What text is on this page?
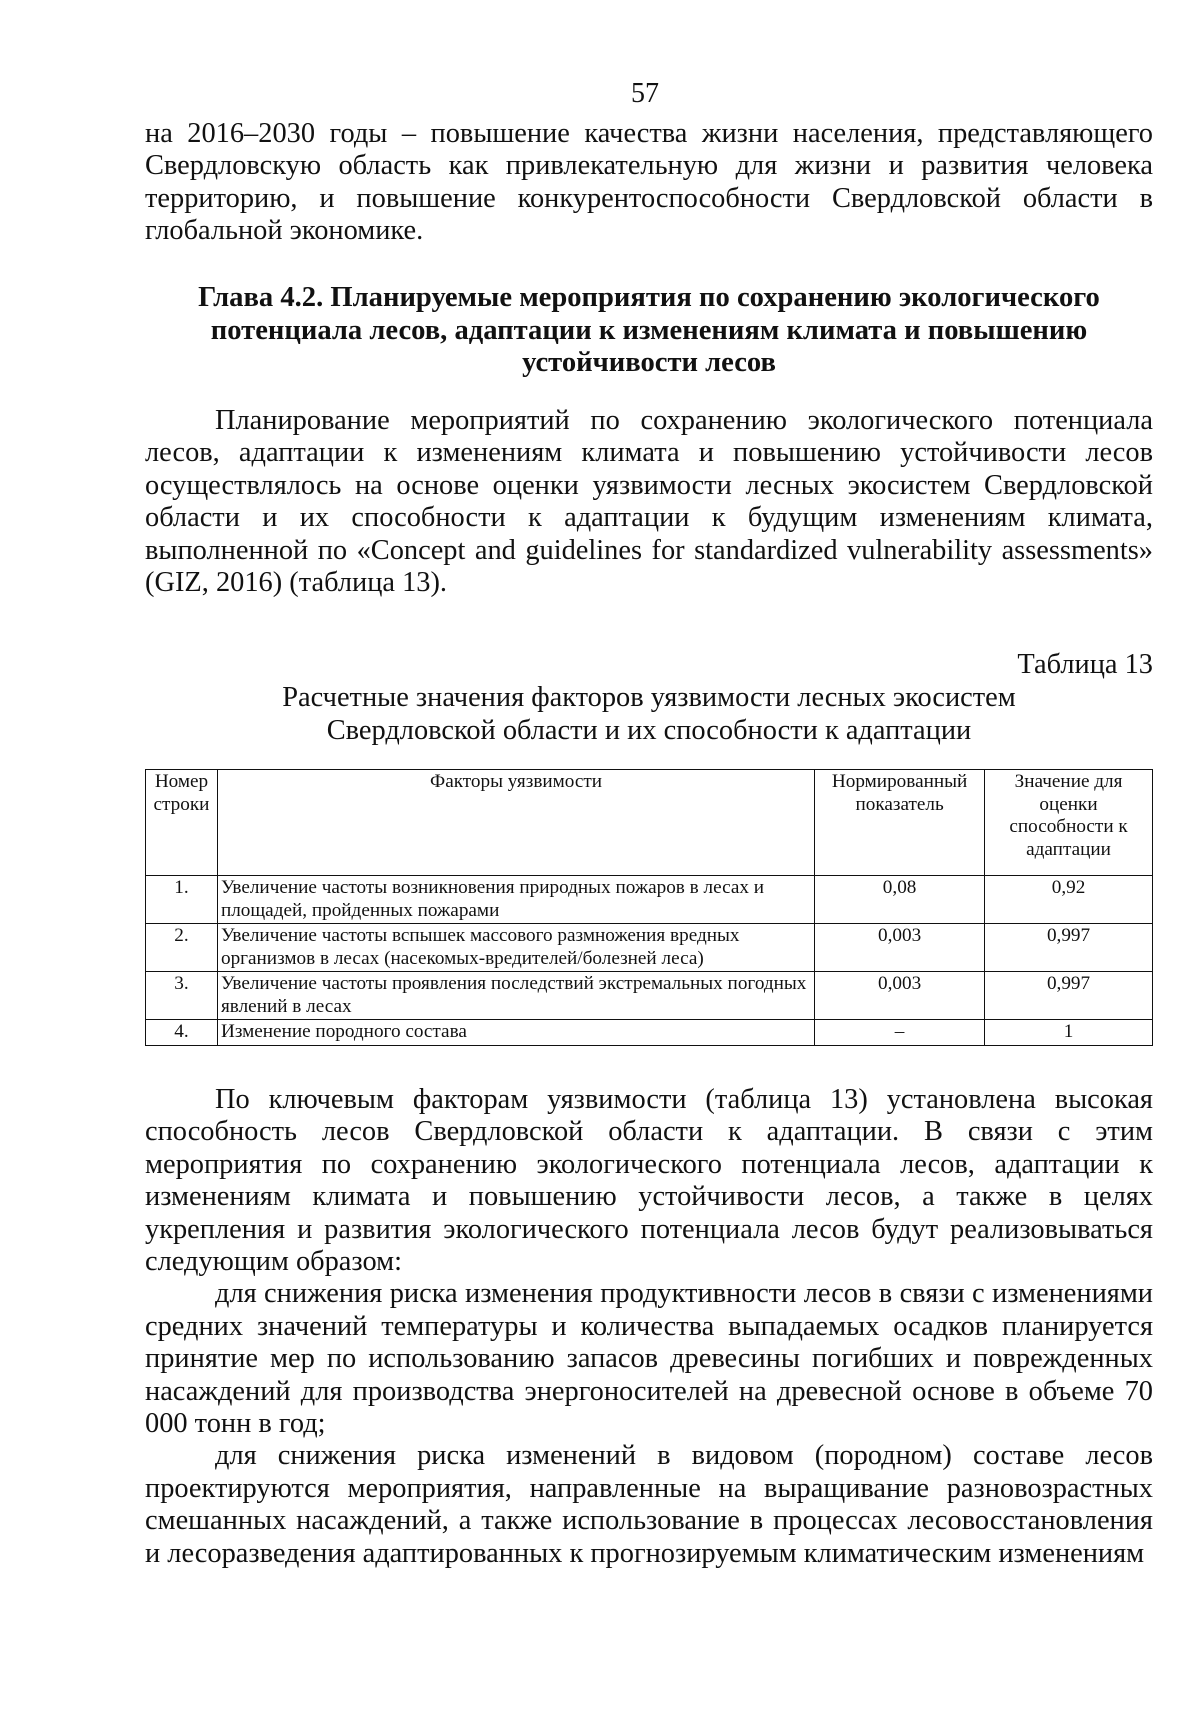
57

на 2016–2030 годы – повышение качества жизни населения, представляющего Свердловскую область как привлекательную для жизни и развития человека территорию, и повышение конкурентоспособности Свердловской области в глобальной экономике.

Глава 4.2. Планируемые мероприятия по сохранению экологического потенциала лесов, адаптации к изменениям климата и повышению устойчивости лесов

Планирование мероприятий по сохранению экологического потенциала лесов, адаптации к изменениям климата и повышению устойчивости лесов осуществлялось на основе оценки уязвимости лесных экосистем Свердловской области и их способности к адаптации к будущим изменениям климата, выполненной по «Concept and guidelines for standardized vulnerability assessments» (GIZ, 2016) (таблица 13).

Таблица 13
Расчетные значения факторов уязвимости лесных экосистем
Свердловской области и их способности к адаптации
Номер строки	Факторы уязвимости	Нормированный показатель	Значение для оценки способности к адаптации
1.	Увеличение частоты возникновения природных пожаров в лесах и площадей, пройденных пожарами	0,08	0,92
2.	Увеличение частоты вспышек массового размножения вредных организмов в лесах (насекомых-вредителей/болезней леса)	0,003	0,997
3.	Увеличение частоты проявления последствий экстремальных погодных явлений в лесах	0,003	0,997
4.	Изменение породного состава	–	1

По ключевым факторам уязвимости (таблица 13) установлена высокая способность лесов Свердловской области к адаптации. В связи с этим мероприятия по сохранению экологического потенциала лесов, адаптации к изменениям климата и повышению устойчивости лесов, а также в целях укрепления и развития экологического потенциала лесов будут реализовываться следующим образом:

для снижения риска изменения продуктивности лесов в связи с изменениями средних значений температуры и количества выпадаемых осадков планируется принятие мер по использованию запасов древесины погибших и поврежденных насаждений для производства энергоносителей на древесной основе в объеме 70 000 тонн в год;

для снижения риска изменений в видовом (породном) составе лесов проектируются мероприятия, направленные на выращивание разновозрастных смешанных насаждений, а также использование в процессах лесовосстановления и лесоразведения адаптированных к прогнозируемым климатическим изменениям
